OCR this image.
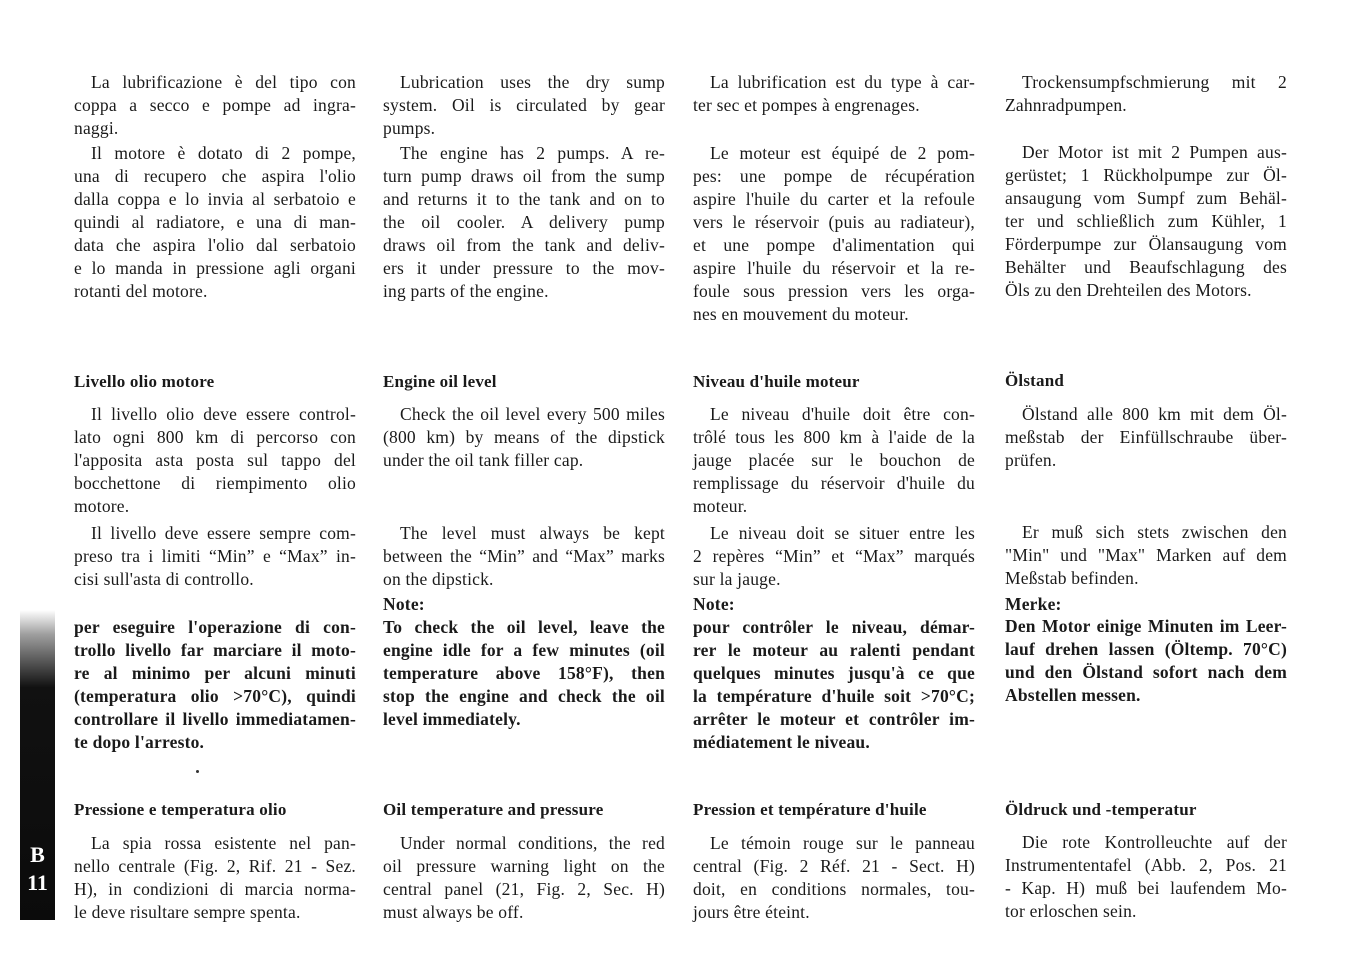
B
11
La lubrificazione è del tipo con
coppa a secco e pompe ad ingra-
naggi.
Il motore è dotato di 2 pompe,
una di recupero che aspira l'olio
dalla coppa e lo invia al serbatoio e
quindi al radiatore, e una di man-
data che aspira l'olio dal serbatoio
e lo manda in pressione agli organi
rotanti del motore.
Livello olio motore
Il livello olio deve essere control-
lato ogni 800 km di percorso con
l'apposita asta posta sul tappo del
bocchettone di riempimento olio
motore.
Il livello deve essere sempre com-
preso tra i limiti “Min” e “Max” in-
cisi sull'asta di controllo.
per eseguire l'operazione di con-
trollo livello far marciare il moto-
re al minimo per alcuni minuti
(temperatura olio >70°C), quindi
controllare il livello immediatamen-
te dopo l'arresto.
Pressione e temperatura olio
La spia rossa esistente nel pan-
nello centrale (Fig. 2, Rif. 21 - Sez.
H), in condizioni di marcia norma-
le deve risultare sempre spenta.
Lubrication uses the dry sump
system. Oil is circulated by gear
pumps.
The engine has 2 pumps. A re-
turn pump draws oil from the sump
and returns it to the tank and on to
the oil cooler. A delivery pump
draws oil from the tank and deliv-
ers it under pressure to the mov-
ing parts of the engine.
Engine oil level
Check the oil level every 500 miles
(800 km) by means of the dipstick
under the oil tank filler cap.
The level must always be kept
between the “Min” and “Max” marks
on the dipstick.
Note:
To check the oil level, leave the
engine idle for a few minutes (oil
temperature above 158°F), then
stop the engine and check the oil
level immediately.
Oil temperature and pressure
Under normal conditions, the red
oil pressure warning light on the
central panel (21, Fig. 2, Sec. H)
must always be off.
La lubrification est du type à car-
ter sec et pompes à engrenages.
Le moteur est équipé de 2 pom-
pes: une pompe de récupération
aspire l'huile du carter et la refoule
vers le réservoir (puis au radiateur),
et une pompe d'alimentation qui
aspire l'huile du réservoir et la re-
foule sous pression vers les orga-
nes en mouvement du moteur.
Niveau d'huile moteur
Le niveau d'huile doit être con-
trôlé tous les 800 km à l'aide de la
jauge placée sur le bouchon de
remplissage du réservoir d'huile du
moteur.
Le niveau doit se situer entre les
2 repères “Min” et “Max” marqués
sur la jauge.
Note:
pour contrôler le niveau, démar-
rer le moteur au ralenti pendant
quelques minutes jusqu'à ce que
la température d'huile soit >70°C;
arrêter le moteur et contrôler im-
médiatement le niveau.
Pression et température d'huile
Le témoin rouge sur le panneau
central (Fig. 2 Réf. 21 - Sect. H)
doit, en conditions normales, tou-
jours être éteint.
Trockensumpfschmierung mit 2
Zahnradpumpen.
Der Motor ist mit 2 Pumpen aus-
gerüstet; 1 Rückholpumpe zur Öl-
ansaugung vom Sumpf zum Behäl-
ter und schließlich zum Kühler, 1
Förderpumpe zur Ölansaugung vom
Behälter und Beaufschlagung des
Öls zu den Drehteilen des Motors.
Ölstand
Ölstand alle 800 km mit dem Öl-
meßstab der Einfüllschraube über-
prüfen.
Er muß sich stets zwischen den
"Min" und "Max" Marken auf dem
Meßstab befinden.
Merke:
Den Motor einige Minuten im Leer-
lauf drehen lassen (Öltemp. 70°C)
und den Ölstand sofort nach dem
Abstellen messen.
Öldruck und -temperatur
Die rote Kontrolleuchte auf der
Instrumententafel (Abb. 2, Pos. 21
- Kap. H) muß bei laufendem Mo-
tor erloschen sein.
